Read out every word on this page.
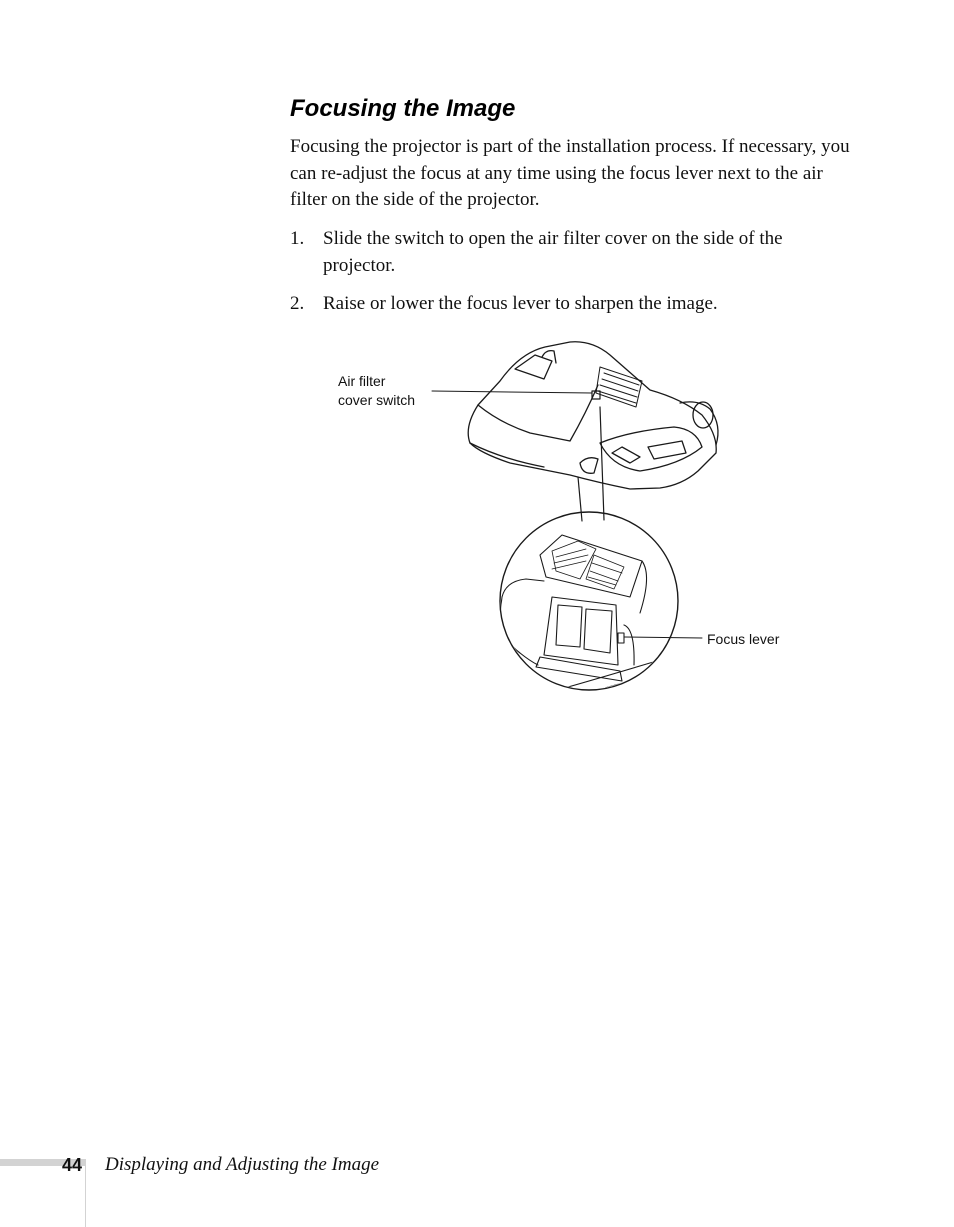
Focusing the Image

Focusing the projector is part of the installation process. If necessary, you can re-adjust the focus at any time using the focus lever next to the air filter on the side of the projector.

1. Slide the switch to open the air filter cover on the side of the projector.
2. Raise or lower the focus lever to sharpen the image.
Air filter
cover switch
Focus lever
44 Displaying and Adjusting the Image
